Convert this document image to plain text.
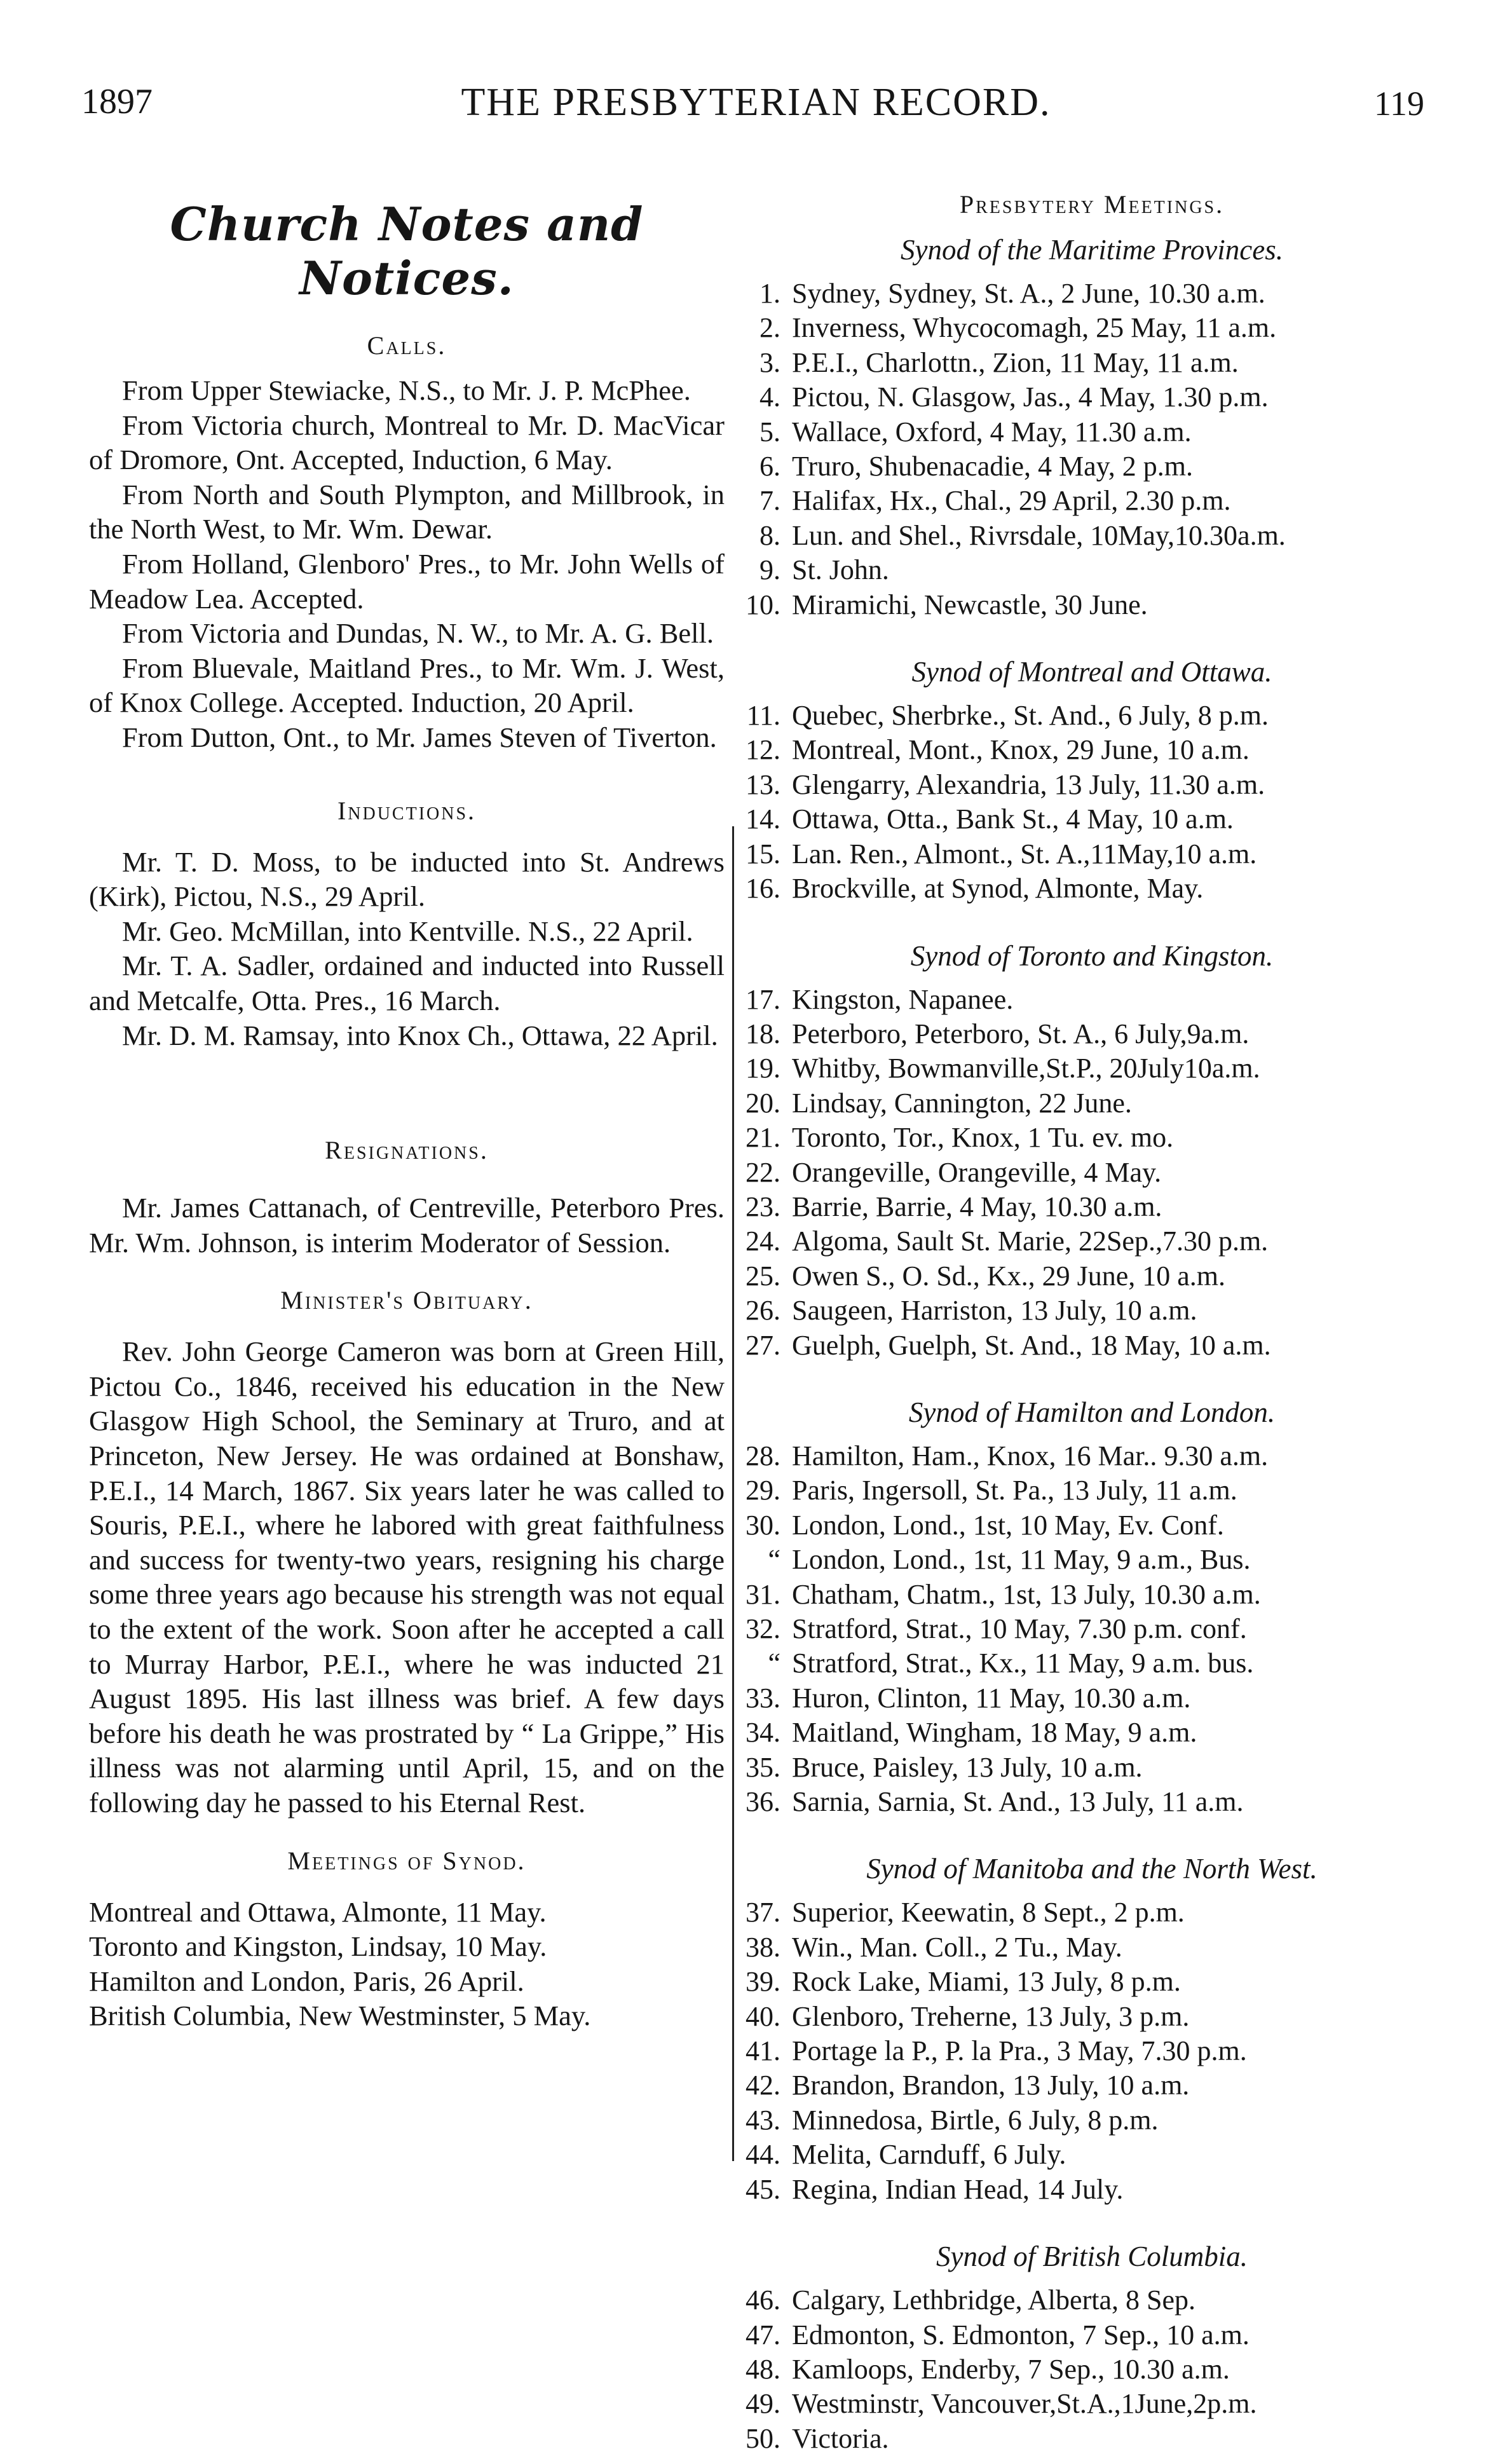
1897	THE PRESBYTERIAN RECORD.	119
Church Notes and Notices.
Calls.

From Upper Stewiacke, N.S., to Mr. J. P. McPhee.

From Victoria church, Montreal to Mr. D. MacVicar of Dromore, Ont. Accepted, Induction, 6 May.

From North and South Plympton, and Millbrook, in the North West, to Mr. Wm. Dewar.

From Holland, Glenboro' Pres., to Mr. John Wells of Meadow Lea. Accepted.

From Victoria and Dundas, N. W., to Mr. A. G. Bell.

From Bluevale, Maitland Pres., to Mr. Wm. J. West, of Knox College. Accepted. Induction, 20 April.

From Dutton, Ont., to Mr. James Steven of Tiverton.

Inductions.

Mr. T. D. Moss, to be inducted into St. Andrews (Kirk), Pictou, N.S., 29 April.

Mr. Geo. McMillan, into Kentville. N.S., 22 April.

Mr. T. A. Sadler, ordained and inducted into Russell and Metcalfe, Otta. Pres., 16 March.

Mr. D. M. Ramsay, into Knox Ch., Ottawa, 22 April.

Resignations.

Mr. James Cattanach, of Centreville, Peterboro Pres. Mr. Wm. Johnson, is interim Moderator of Session.

Minister's Obituary.

Rev. John George Cameron was born at Green Hill, Pictou Co., 1846, received his education in the New Glasgow High School, the Seminary at Truro, and at Princeton, New Jersey. He was ordained at Bonshaw, P.E.I., 14 March, 1867. Six years later he was called to Souris, P.E.I., where he labored with great faithfulness and success for twenty-two years, resigning his charge some three years ago because his strength was not equal to the extent of the work. Soon after he accepted a call to Murray Harbor, P.E.I., where he was inducted 21 August 1895. His last illness was brief. A few days before his death he was prostrated by “ La Grippe,” His illness was not alarming until April, 15, and on the following day he passed to his Eternal Rest.

Meetings of Synod.

Montreal and Ottawa, Almonte, 11 May.

Toronto and Kingston, Lindsay, 10 May.

Hamilton and London, Paris, 26 April.

British Columbia, New Westminster, 5 May.

Presbytery Meetings.
Synod of the Maritime Provinces.
1. Sydney, Sydney, St. A., 2 June, 10.30 a.m.
2. Inverness, Whycocomagh, 25 May, 11 a.m.
3. P.E.I., Charlottn., Zion, 11 May, 11 a.m.
4. Pictou, N. Glasgow, Jas., 4 May, 1.30 p.m.
5. Wallace, Oxford, 4 May, 11.30 a.m.
6. Truro, Shubenacadie, 4 May, 2 p.m.
7. Halifax, Hx., Chal., 29 April, 2.30 p.m.
8. Lun. and Shel., Rivrsdale, 10May,10.30a.m.
9. St. John.
10. Miramichi, Newcastle, 30 June.
Synod of Montreal and Ottawa.
11. Quebec, Sherbrke., St. And., 6 July, 8 p.m.
12. Montreal, Mont., Knox, 29 June, 10 a.m.
13. Glengarry, Alexandria, 13 July, 11.30 a.m.
14. Ottawa, Otta., Bank St., 4 May, 10 a.m.
15. Lan. Ren., Almont., St. A.,11May,10 a.m.
16. Brockville, at Synod, Almonte, May.
Synod of Toronto and Kingston.
17. Kingston, Napanee.
18. Peterboro, Peterboro, St. A., 6 July,9a.m.
19. Whitby, Bowmanville,St.P., 20July10a.m.
20. Lindsay, Cannington, 22 June.
21. Toronto, Tor., Knox, 1 Tu. ev. mo.
22. Orangeville, Orangeville, 4 May.
23. Barrie, Barrie, 4 May, 10.30 a.m.
24. Algoma, Sault St. Marie, 22Sep.,7.30 p.m.
25. Owen S., O. Sd., Kx., 29 June, 10 a.m.
26. Saugeen, Harriston, 13 July, 10 a.m.
27. Guelph, Guelph, St. And., 18 May, 10 a.m.
Synod of Hamilton and London.
28. Hamilton, Ham., Knox, 16 Mar.. 9.30 a.m.
29. Paris, Ingersoll, St. Pa., 13 July, 11 a.m.
30. London, Lond., 1st, 10 May, Ev. Conf.
“ London, Lond., 1st, 11 May, 9 a.m., Bus.
31. Chatham, Chatm., 1st, 13 July, 10.30 a.m.
32. Stratford, Strat., 10 May, 7.30 p.m. conf.
“ Stratford, Strat., Kx., 11 May, 9 a.m. bus.
33. Huron, Clinton, 11 May, 10.30 a.m.
34. Maitland, Wingham, 18 May, 9 a.m.
35. Bruce, Paisley, 13 July, 10 a.m.
36. Sarnia, Sarnia, St. And., 13 July, 11 a.m.
Synod of Manitoba and the North West.
37. Superior, Keewatin, 8 Sept., 2 p.m.
38. Win., Man. Coll., 2 Tu., May.
39. Rock Lake, Miami, 13 July, 8 p.m.
40. Glenboro, Treherne, 13 July, 3 p.m.
41. Portage la P., P. la Pra., 3 May, 7.30 p.m.
42. Brandon, Brandon, 13 July, 10 a.m.
43. Minnedosa, Birtle, 6 July, 8 p.m.
44. Melita, Carnduff, 6 July.
45. Regina, Indian Head, 14 July.
Synod of British Columbia.
46. Calgary, Lethbridge, Alberta, 8 Sep.
47. Edmonton, S. Edmonton, 7 Sep., 10 a.m.
48. Kamloops, Enderby, 7 Sep., 10.30 a.m.
49. Westminstr, Vancouver,St.A.,1June,2p.m.
50. Victoria.
